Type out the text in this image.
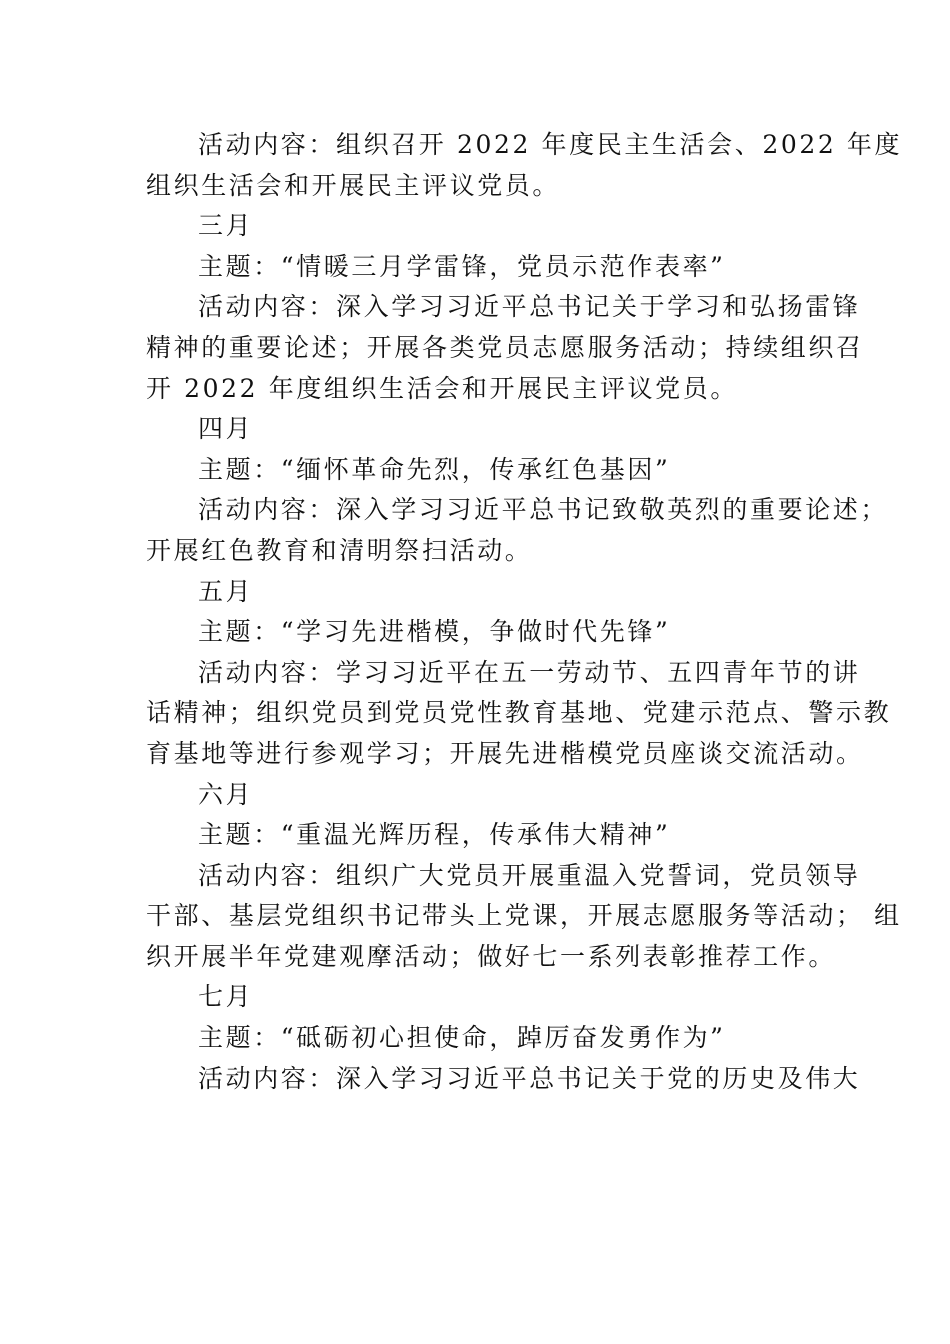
活动内容：组织召开 2022 年度民主生活会、2022 年度
组织生活会和开展民主评议党员。
三月
主题：“情暖三月学雷锋，党员示范作表率”
活动内容：深入学习习近平总书记关于学习和弘扬雷锋
精神的重要论述；开展各类党员志愿服务活动；持续组织召
开 2022 年度组织生活会和开展民主评议党员。
四月
主题：“缅怀革命先烈，传承红色基因”
活动内容：深入学习习近平总书记致敬英烈的重要论述；
开展红色教育和清明祭扫活动。
五月
主题：“学习先进楷模，争做时代先锋”
活动内容：学习习近平在五一劳动节、五四青年节的讲
话精神；组织党员到党员党性教育基地、党建示范点、警示教
育基地等进行参观学习；开展先进楷模党员座谈交流活动。
六月
主题：“重温光辉历程，传承伟大精神”
活动内容：组织广大党员开展重温入党誓词，党员领导
干部、基层党组织书记带头上党课，开展志愿服务等活动； 组
织开展半年党建观摩活动；做好七一系列表彰推荐工作。
七月
主题：“砥砺初心担使命，踔厉奋发勇作为”
活动内容：深入学习习近平总书记关于党的历史及伟大
